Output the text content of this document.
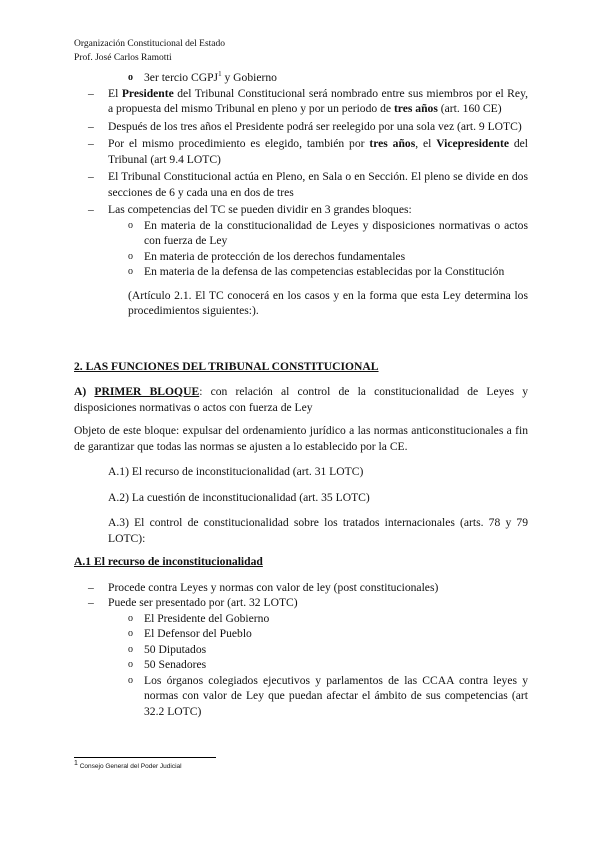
Organización Constitucional del Estado
Prof. José Carlos Ramotti
o 3er tercio CGPJ$^1$ y Gobierno
– El Presidente del Tribunal Constitucional será nombrado entre sus miembros por el Rey, a propuesta del mismo Tribunal en pleno y por un periodo de tres años (art. 160 CE)
– Después de los tres años el Presidente podrá ser reelegido por una sola vez (art. 9 LOTC)
– Por el mismo procedimiento es elegido, también por tres años, el Vicepresidente del Tribunal (art 9.4 LOTC)
– El Tribunal Constitucional actúa en Pleno, en Sala o en Sección. El pleno se divide en dos secciones de 6 y cada una en dos de tres
– Las competencias del TC se pueden dividir en 3 grandes bloques:
o En materia de la constitucionalidad de Leyes y disposiciones normativas o actos con fuerza de Ley
o En materia de protección de los derechos fundamentales
o En materia de la defensa de las competencias establecidas por la Constitución
(Artículo 2.1. El TC conocerá en los casos y en la forma que esta Ley determina los procedimientos siguientes:).
2. LAS FUNCIONES DEL TRIBUNAL CONSTITUCIONAL
A) PRIMER BLOQUE: con relación al control de la constitucionalidad de Leyes y disposiciones normativas o actos con fuerza de Ley
Objeto de este bloque: expulsar del ordenamiento jurídico a las normas anticonstitucionales a fin de garantizar que todas las normas se ajusten a lo establecido por la CE.
A.1) El recurso de inconstitucionalidad (art. 31 LOTC)
A.2) La cuestión de inconstitucionalidad (art. 35 LOTC)
A.3) El control de constitucionalidad sobre los tratados internacionales (arts. 78 y 79 LOTC):
A.1 El recurso de inconstitucionalidad
– Procede contra Leyes y normas con valor de ley (post constitucionales)
– Puede ser presentado por (art. 32 LOTC)
o El Presidente del Gobierno
o El Defensor del Pueblo
o 50 Diputados
o 50 Senadores
o Los órganos colegiados ejecutivos y parlamentos de las CCAA contra leyes y normas con valor de Ley que puedan afectar el ámbito de sus competencias (art 32.2 LOTC)
1 Consejo General del Poder Judicial
